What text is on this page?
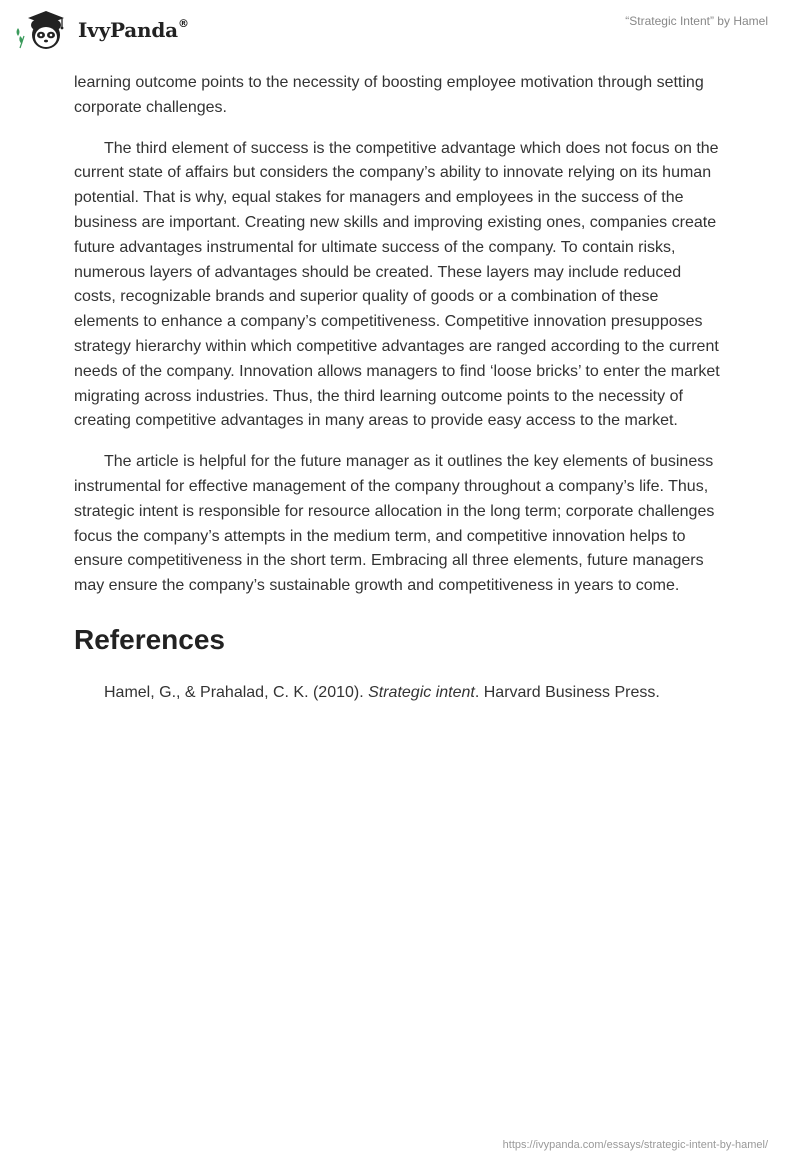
IvyPanda®	“Strategic Intent” by Hamel

learning outcome points to the necessity of boosting employee motivation through setting corporate challenges.

The third element of success is the competitive advantage which does not focus on the current state of affairs but considers the company’s ability to innovate relying on its human potential. That is why, equal stakes for managers and employees in the success of the business are important. Creating new skills and improving existing ones, companies create future advantages instrumental for ultimate success of the company. To contain risks, numerous layers of advantages should be created. These layers may include reduced costs, recognizable brands and superior quality of goods or a combination of these elements to enhance a company’s competitiveness. Competitive innovation presupposes strategy hierarchy within which competitive advantages are ranged according to the current needs of the company. Innovation allows managers to find ‘loose bricks’ to enter the market migrating across industries. Thus, the third learning outcome points to the necessity of creating competitive advantages in many areas to provide easy access to the market.

The article is helpful for the future manager as it outlines the key elements of business instrumental for effective management of the company throughout a company’s life. Thus, strategic intent is responsible for resource allocation in the long term; corporate challenges focus the company’s attempts in the medium term, and competitive innovation helps to ensure competitiveness in the short term. Embracing all three elements, future managers may ensure the company’s sustainable growth and competitiveness in years to come.

References

Hamel, G., & Prahalad, C. K. (2010). Strategic intent. Harvard Business Press.

https://ivypanda.com/essays/strategic-intent-by-hamel/
